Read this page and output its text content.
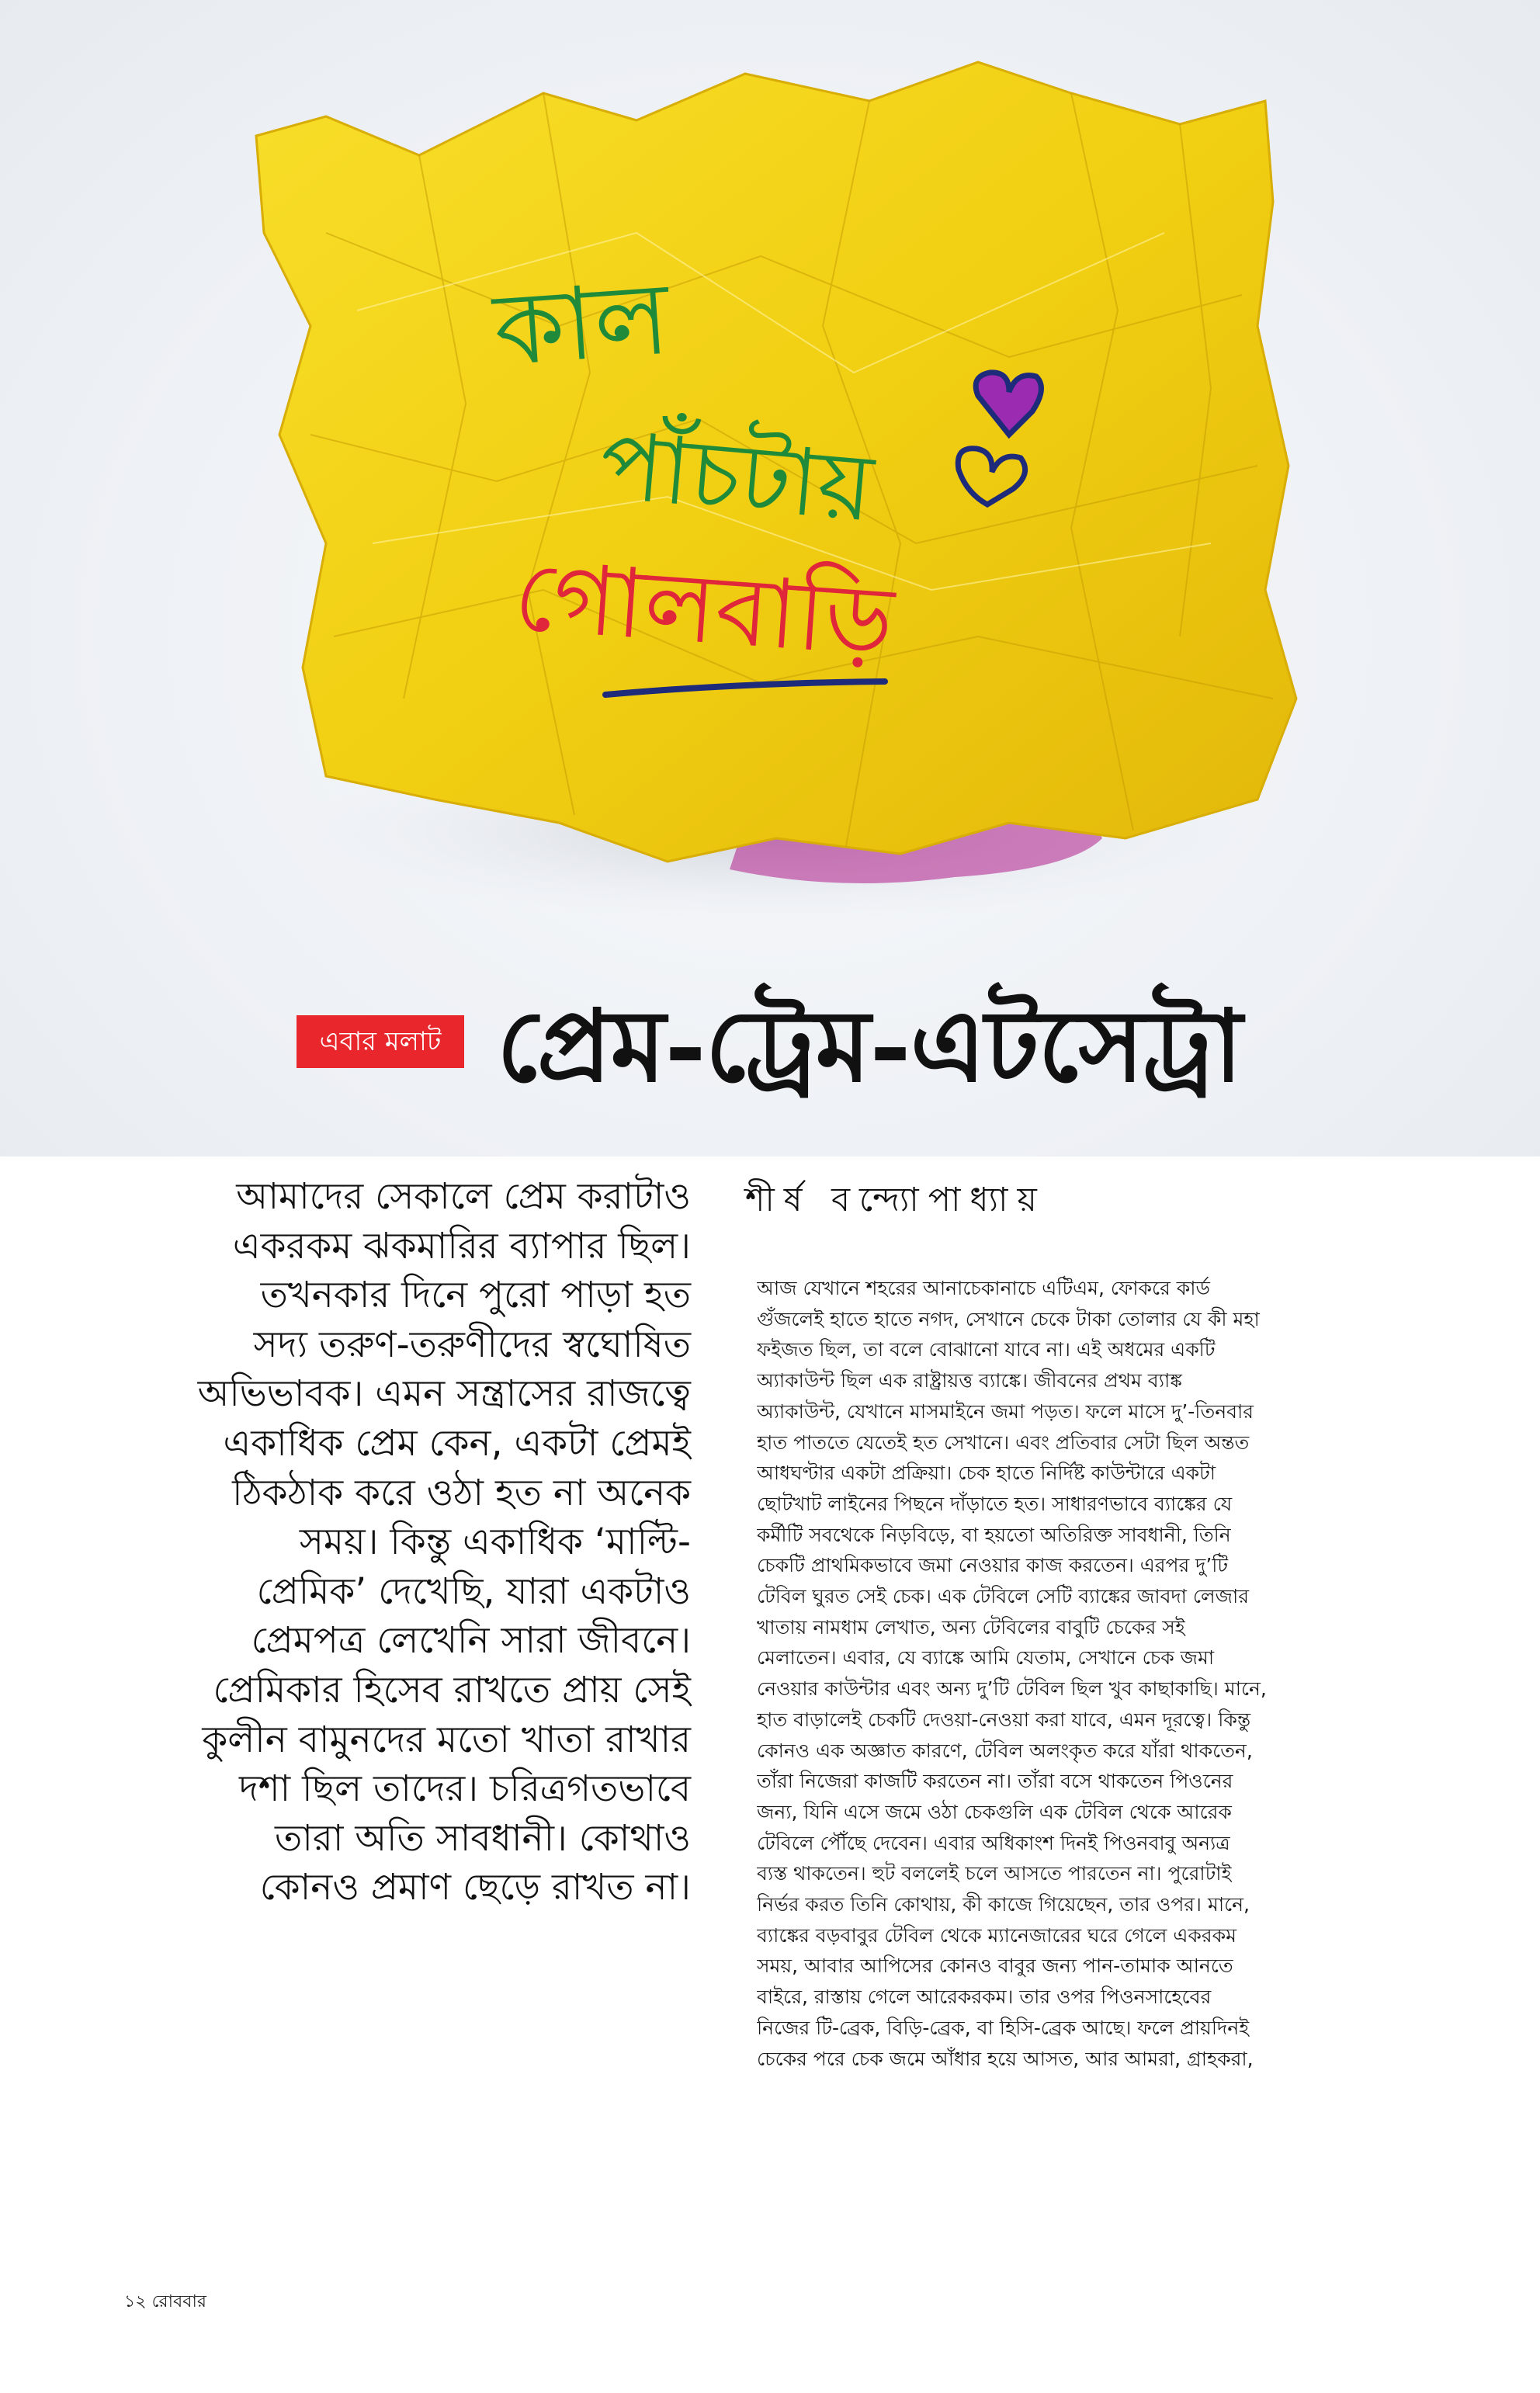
কাল
পাঁচটায়
গোলবাড়ি
এবার মলাট প্রেম-ট্রেম-এটসেট্রা
আমাদের সেকালে প্রেম করাটাও
একরকম ঝকমারির ব্যাপার ছিল।
তখনকার দিনে পুরো পাড়া হত
সদ্য তরুণ-তরুণীদের স্বঘোষিত
অভিভাবক। এমন সন্ত্রাসের রাজত্বে
একাধিক প্রেম কেন, একটা প্রেমই
ঠিকঠাক করে ওঠা হত না অনেক
সময়। কিন্তু একাধিক ‘মাল্টি-
প্রেমিক’ দেখেছি, যারা একটাও
প্রেমপত্র লেখেনি সারা জীবনে।
প্রেমিকার হিসেব রাখতে প্রায় সেই
কুলীন বামুনদের মতো খাতা রাখার
দশা ছিল তাদের। চরিত্রগতভাবে
তারা অতি সাবধানী। কোথাও
কোনও প্রমাণ ছেড়ে রাখত না।
শীর্ষ বন্দ্যোপাধ্যায়
আজ যেখানে শহরের আনাচেকানাচে এটিএম, ফোকরে কার্ড
গুঁজলেই হাতে হাতে নগদ, সেখানে চেকে টাকা তোলার যে কী মহা
ফইজত ছিল, তা বলে বোঝানো যাবে না। এই অধমের একটি
অ্যাকাউন্ট ছিল এক রাষ্ট্রায়ত্ত ব্যাঙ্কে। জীবনের প্রথম ব্যাঙ্ক
অ্যাকাউন্ট, যেখানে মাসমাইনে জমা পড়ত। ফলে মাসে দু’-তিনবার
হাত পাততে যেতেই হত সেখানে। এবং প্রতিবার সেটা ছিল অন্তত
আধঘণ্টার একটা প্রক্রিয়া। চেক হাতে নির্দিষ্ট কাউন্টারে একটা
ছোটখাট লাইনের পিছনে দাঁড়াতে হত। সাধারণভাবে ব্যাঙ্কের যে
কর্মীটি সবথেকে নিড়বিড়ে, বা হয়তো অতিরিক্ত সাবধানী, তিনি
চেকটি প্রাথমিকভাবে জমা নেওয়ার কাজ করতেন। এরপর দু’টি
টেবিল ঘুরত সেই চেক। এক টেবিলে সেটি ব্যাঙ্কের জাবদা লেজার
খাতায় নামধাম লেখাত, অন্য টেবিলের বাবুটি চেকের সই
মেলাতেন। এবার, যে ব্যাঙ্কে আমি যেতাম, সেখানে চেক জমা
নেওয়ার কাউন্টার এবং অন্য দু’টি টেবিল ছিল খুব কাছাকাছি। মানে,
হাত বাড়ালেই চেকটি দেওয়া-নেওয়া করা যাবে, এমন দূরত্বে। কিন্তু
কোনও এক অজ্ঞাত কারণে, টেবিল অলংকৃত করে যাঁরা থাকতেন,
তাঁরা নিজেরা কাজটি করতেন না। তাঁরা বসে থাকতেন পিওনের
জন্য, যিনি এসে জমে ওঠা চেকগুলি এক টেবিল থেকে আরেক
টেবিলে পৌঁছে দেবেন। এবার অধিকাংশ দিনই পিওনবাবু অন্যত্র
ব্যস্ত থাকতেন। হুট বললেই চলে আসতে পারতেন না। পুরোটাই
নির্ভর করত তিনি কোথায়, কী কাজে গিয়েছেন, তার ওপর। মানে,
ব্যাঙ্কের বড়বাবুর টেবিল থেকে ম্যানেজারের ঘরে গেলে একরকম
সময়, আবার আপিসের কোনও বাবুর জন্য পান-তামাক আনতে
বাইরে, রাস্তায় গেলে আরেকরকম। তার ওপর পিওনসাহেবের
নিজের টি-ব্রেক, বিড়ি-ব্রেক, বা হিসি-ব্রেক আছে। ফলে প্রায়দিনই
চেকের পরে চেক জমে আঁধার হয়ে আসত, আর আমরা, গ্রাহকরা,
১২ রোববার
